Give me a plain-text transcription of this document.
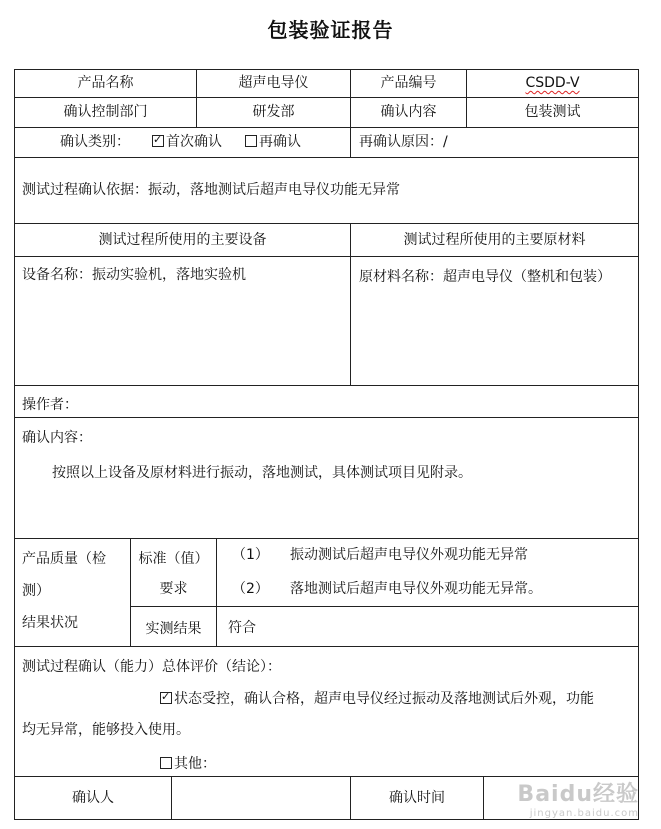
包装验证报告
产品名称	超声电导仪	产品编号	CSDD-V
确认控制部门	研发部	确认内容	包装测试
确认类别：
✓	首次确认	再确认	再确认原因：/
测试过程确认依据：振动，落地测试后超声电导仪功能无异常
测试过程所使用的主要设备	测试过程所使用的主要原材料
设备名称：振动实验机，落地实验机	原材料名称：超声电导仪（整机和包装）
操作者：
确认内容：
按照以上设备及原材料进行振动，落地测试，具体测试项目见附录。
产品质量（检
测）
结果状况
标准（值）
要求
（1） 振动测试后超声电导仪外观功能无异常
（2） 落地测试后超声电导仪外观功能无异常。
实测结果	符合
测试过程确认（能力）总体评价（结论）：
✓状态受控，确认合格，超声电导仪经过振动及落地测试后外观，功能
均无异常，能够投入使用。
其他：
确认人	确认时间	Baidu经验
jingyan.baidu.com
